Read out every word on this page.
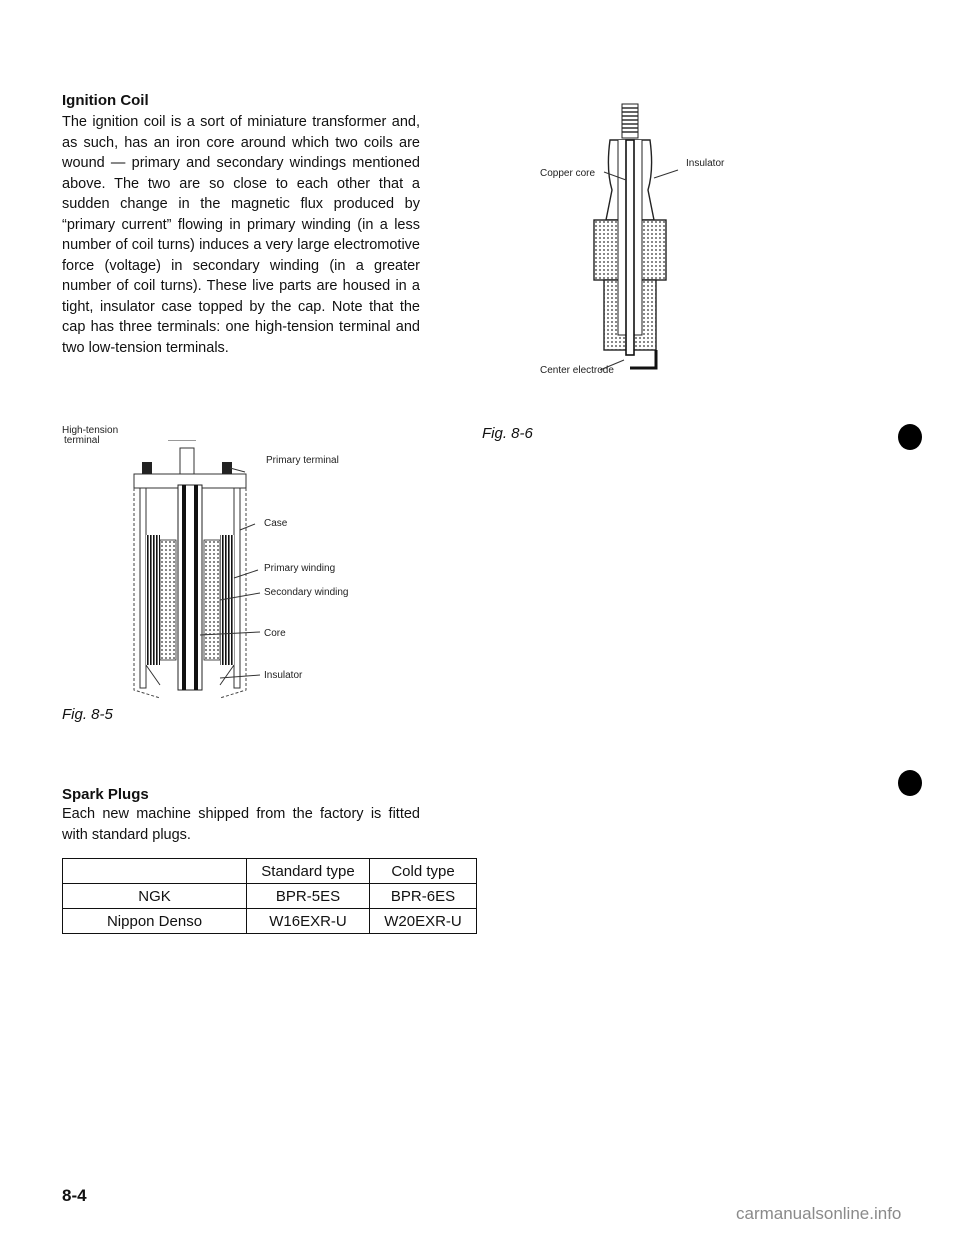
Ignition Coil
The ignition coil is a sort of miniature transformer and, as such, has an iron core around which two coils are wound — primary and secondary windings mentioned above. The two are so close to each other that a sudden change in the magnetic flux produced by “primary current” flowing in primary winding (in a less number of coil turns) induces a very large electromotive force (voltage) in secondary winding (in a greater number of coil turns). These live parts are housed in a tight, insulator case topped by the cap. Note that the cap has three terminals: one high-tension terminal and two low-tension terminals.
High-tension
terminal
Primary terminal
Case
Primary winding
Secondary winding
Core
Insulator
Fig. 8-5
Spark Plugs
Each new machine shipped from the factory is fitted with standard plugs.
	Standard type	Cold type
NGK	BPR-5ES	BPR-6ES
Nippon Denso	W16EXR-U	W20EXR-U
Copper core
Insulator
Center electrode
Fig. 8-6
8-4
carmanualsonline.info
